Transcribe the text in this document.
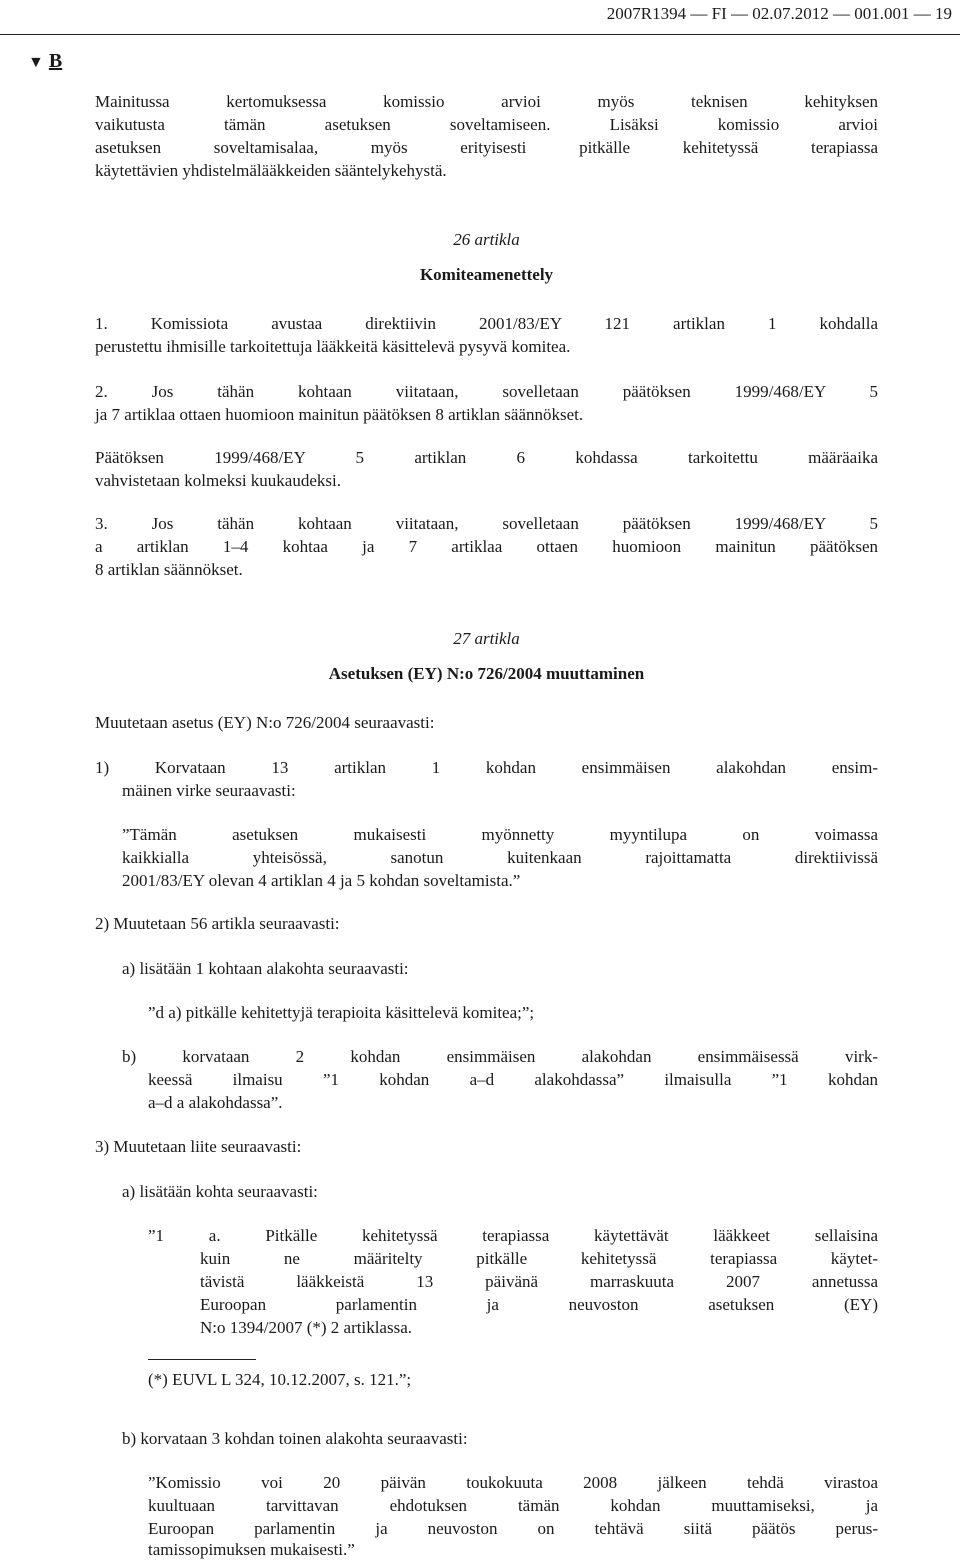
2007R1394 — FI — 02.07.2012 — 001.001 — 19
▼ B
Mainitussa kertomuksessa komissio arvioi myös teknisen kehityksen
vaikutusta tämän asetuksen soveltamiseen. Lisäksi komissio arvioi
asetuksen soveltamisalaa, myös erityisesti pitkälle kehitetyssä terapiassa
käytettävien yhdistelmälääkkeiden sääntelykehystä.
26 artikla
Komiteamenettely
1. Komissiota avustaa direktiivin 2001/83/EY 121 artiklan 1 kohdalla
perustettu ihmisille tarkoitettuja lääkkeitä käsittelevä pysyvä komitea.
2. Jos tähän kohtaan viitataan, sovelletaan päätöksen 1999/468/EY 5
ja 7 artiklaa ottaen huomioon mainitun päätöksen 8 artiklan säännökset.
Päätöksen 1999/468/EY 5 artiklan 6 kohdassa tarkoitettu määräaika
vahvistetaan kolmeksi kuukaudeksi.
3. Jos tähän kohtaan viitataan, sovelletaan päätöksen 1999/468/EY 5
a artiklan 1–4 kohtaa ja 7 artiklaa ottaen huomioon mainitun päätöksen
8 artiklan säännökset.
27 artikla
Asetuksen (EY) N:o 726/2004 muuttaminen
Muutetaan asetus (EY) N:o 726/2004 seuraavasti:
1) Korvataan 13 artiklan 1 kohdan ensimmäisen alakohdan ensim-
mäinen virke seuraavasti:
”Tämän asetuksen mukaisesti myönnetty myyntilupa on voimassa
kaikkialla yhteisössä, sanotun kuitenkaan rajoittamatta direktiivissä
2001/83/EY olevan 4 artiklan 4 ja 5 kohdan soveltamista.”
2) Muutetaan 56 artikla seuraavasti:
a) lisätään 1 kohtaan alakohta seuraavasti:
”d a) pitkälle kehitettyjä terapioita käsittelevä komitea;”;
b) korvataan 2 kohdan ensimmäisen alakohdan ensimmäisessä virk-
keessä ilmaisu ”1 kohdan a–d alakohdassa” ilmaisulla ”1 kohdan
a–d a alakohdassa”.
3) Muutetaan liite seuraavasti:
a) lisätään kohta seuraavasti:
”1 a. Pitkälle kehitetyssä terapiassa käytettävät lääkkeet sellaisina
kuin ne määritelty pitkälle kehitetyssä terapiassa käytet-
tävistä lääkkeistä 13 päivänä marraskuuta 2007 annetussa
Euroopan parlamentin ja neuvoston asetuksen (EY)
N:o 1394/2007 (*) 2 artiklassa.
(*) EUVL L 324, 10.12.2007, s. 121.”;
b) korvataan 3 kohdan toinen alakohta seuraavasti:
”Komissio voi 20 päivän toukokuuta 2008 jälkeen tehdä virastoa
kuultuaan tarvittavan ehdotuksen tämän kohdan muuttamiseksi, ja
Euroopan parlamentin ja neuvoston on tehtävä siitä päätös perus-
tamissopimuksen mukaisesti.”
